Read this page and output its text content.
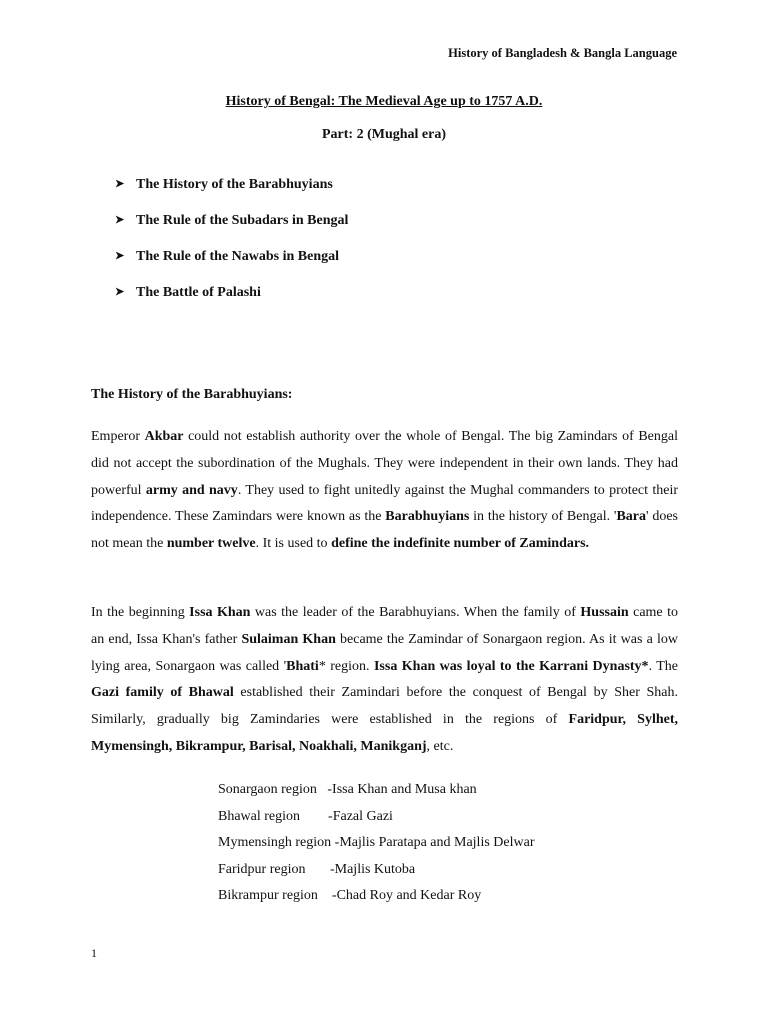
History of Bangladesh & Bangla Language
History of Bengal: The Medieval Age up to 1757 A.D.
Part: 2 (Mughal era)
➤ The History of the Barabhuyians
➤ The Rule of the Subadars in Bengal
➤ The Rule of the Nawabs in Bengal
➤ The Battle of Palashi
The History of the Barabhuyians:

Emperor Akbar could not establish authority over the whole of Bengal. The big Zamindars of Bengal did not accept the subordination of the Mughals. They were independent in their own lands. They had powerful army and navy. They used to fight unitedly against the Mughal commanders to protect their independence. These Zamindars were known as the Barabhuyians in the history of Bengal. 'Bara' does not mean the number twelve. It is used to define the indefinite number of Zamindars.

In the beginning Issa Khan was the leader of the Barabhuyians. When the family of Hussain came to an end, Issa Khan's father Sulaiman Khan became the Zamindar of Sonargaon region. As it was a low lying area, Sonargaon was called 'Bhati* region. Issa Khan was loyal to the Karrani Dynasty*. The Gazi family of Bhawal established their Zamindari before the conquest of Bengal by Sher Shah. Similarly, gradually big Zamindaries were established in the regions of Faridpur, Sylhet, Mymensingh, Bikrampur, Barisal, Noakhali, Manikganj, etc.

Sonargaon region   -Issa Khan and Musa khan
Bhawal region        -Fazal Gazi
Mymensingh region -Majlis Paratapa and Majlis Delwar
Faridpur region       -Majlis Kutoba
Bikrampur region    -Chad Roy and Kedar Roy
1
